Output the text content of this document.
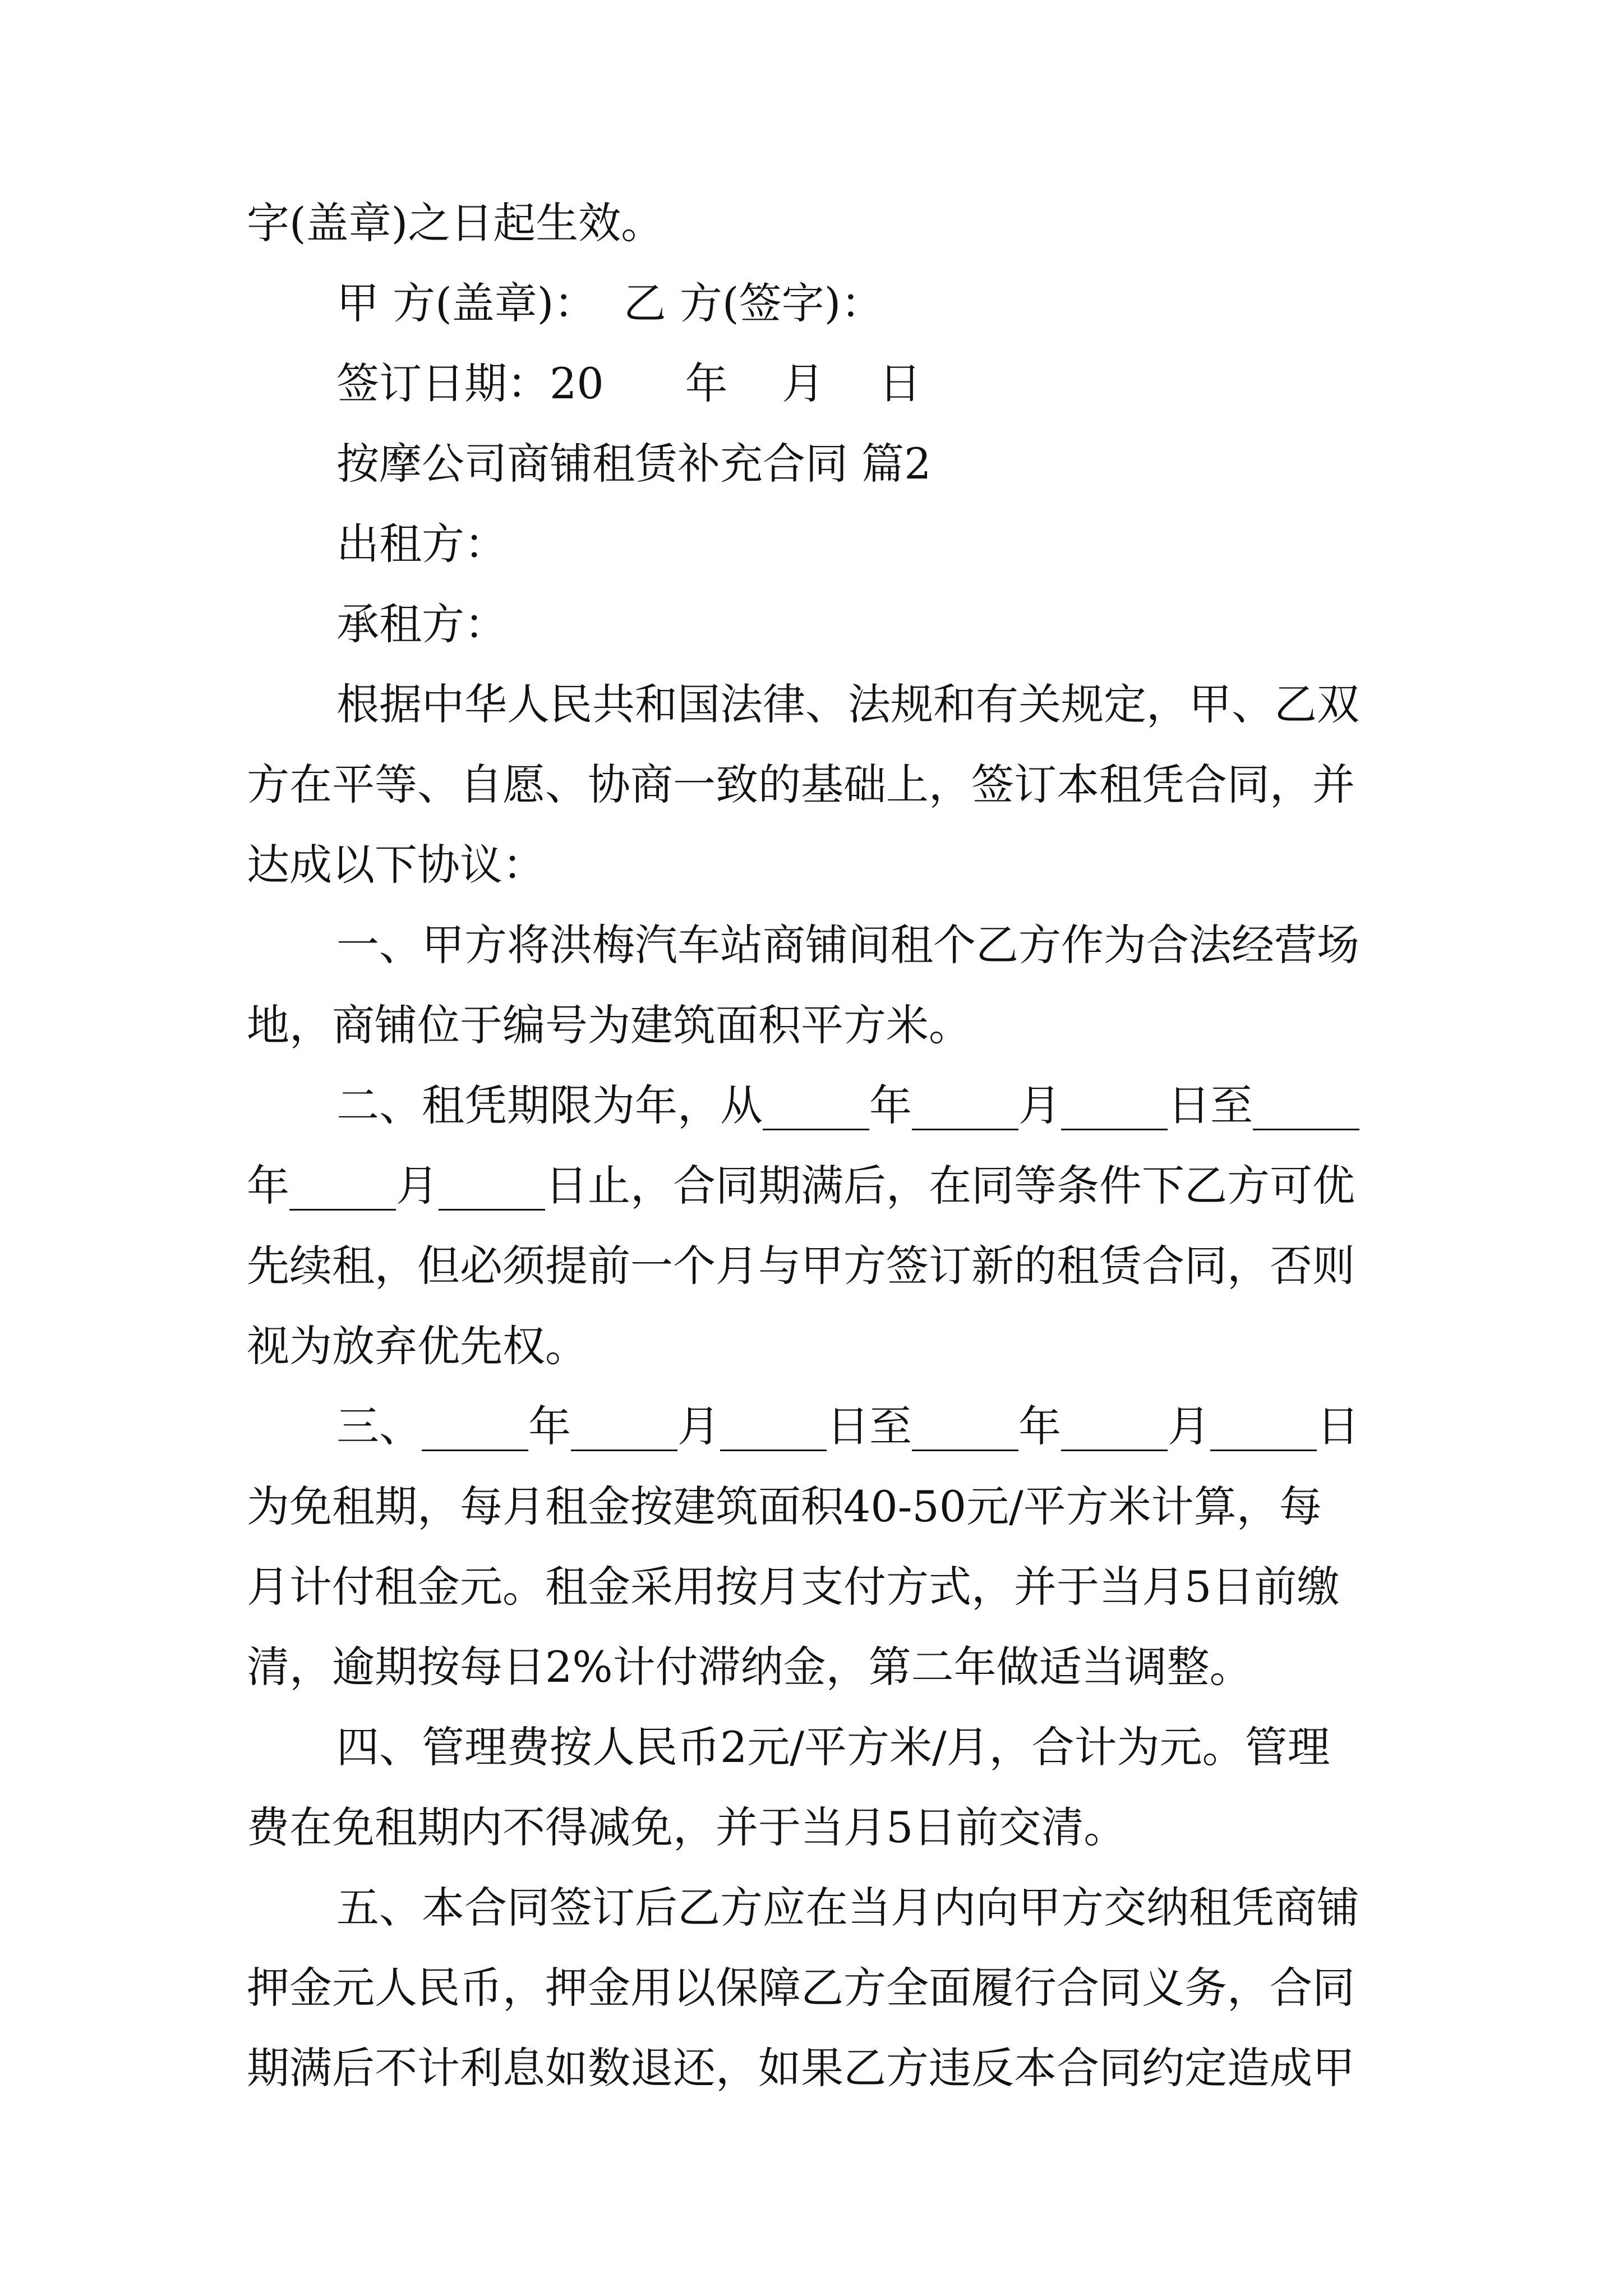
字(盖章)之日起生效。
甲 方(盖章)：  乙 方(签字)：
签订日期：20      年    月    日
按摩公司商铺租赁补充合同 篇2
出租方：
承租方：
根据中华人民共和国法律、法规和有关规定，甲、乙双
方在平等、自愿、协商一致的基础上，签订本租凭合同，并
达成以下协议：
一、甲方将洪梅汽车站商铺间租个乙方作为合法经营场
地，商铺位于编号为建筑面积平方米。
二、租凭期限为年，从_____年_____月_____日至_____
年_____月_____日止，合同期满后，在同等条件下乙方可优
先续租，但必须提前一个月与甲方签订新的租赁合同，否则
视为放弃优先权。
三、_____年_____月_____日至_____年_____月_____日
为免租期，每月租金按建筑面积40-50元/平方米计算，每
月计付租金元。租金采用按月支付方式，并于当月5日前缴
清，逾期按每日2%计付滞纳金，第二年做适当调整。
四、管理费按人民币2元/平方米/月，合计为元。管理
费在免租期内不得减免，并于当月5日前交清。
五、本合同签订后乙方应在当月内向甲方交纳租凭商铺
押金元人民币，押金用以保障乙方全面履行合同义务，合同
期满后不计利息如数退还，如果乙方违反本合同约定造成甲
